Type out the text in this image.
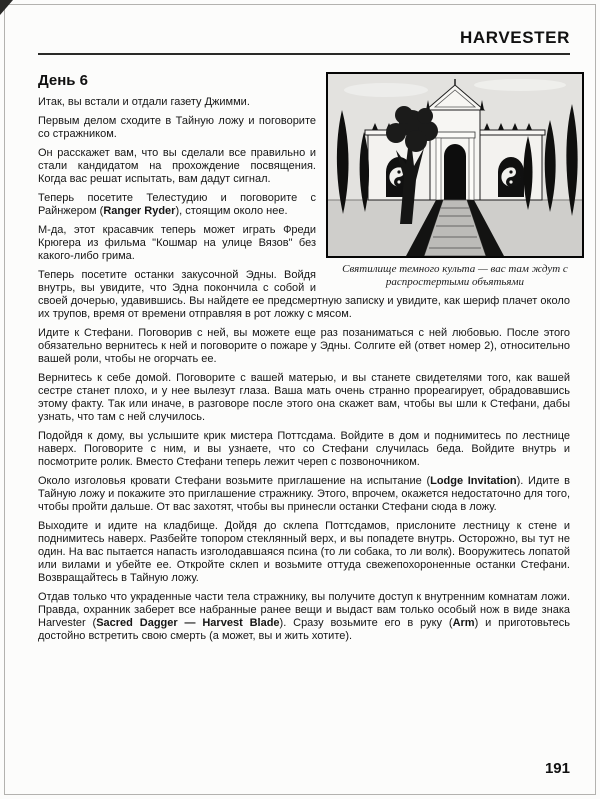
HARVESTER
Святилище темного культа — вас там ждут с распростертыми объятьями
День 6

Итак, вы встали и отдали газету Джимми.

Первым делом сходите в Тайную ложу и поговорите со стражником.

Он расскажет вам, что вы сделали все правильно и стали кандидатом на прохождение посвящения. Когда вас решат испытать, вам дадут сигнал.

Теперь посетите Телестудию и поговорите с Райнжером (Ranger Ryder), стоящим около нее.

М-да, этот красавчик теперь может играть Фреди Крюгера из фильма "Кошмар на улице Вязов" без какого-либо грима.

Теперь посетите останки закусочной Эдны. Войдя внутрь, вы увидите, что Эдна покончила с собой и своей дочерью, удавившись. Вы найдете ее предсмертную записку и увидите, как шериф плачет около их трупов, время от времени отправляя в рот ложку с мясом.

Идите к Стефани. Поговорив с ней, вы можете еще раз позаниматься с ней любовью. После этого обязательно вернитесь к ней и поговорите о пожаре у Эдны. Солгите ей (ответ номер 2), относительно вашей роли, чтобы не огорчать ее.

Вернитесь к себе домой. Поговорите с вашей матерью, и вы станете свидетелями того, как вашей сестре станет плохо, и у нее вылезут глаза. Ваша мать очень странно прореагирует, обрадовавшись этому факту. Так или иначе, в разговоре после этого она скажет вам, чтобы вы шли к Стефани, дабы узнать, что там с ней случилось.

Подойдя к дому, вы услышите крик мистера Поттсдама. Войдите в дом и поднимитесь по лестнице наверх. Поговорите с ним, и вы узнаете, что со Стефани случилась беда. Войдите внутрь и посмотрите ролик. Вместо Стефани теперь лежит череп с позвоночником.

Около изголовья кровати Стефани возьмите приглашение на испытание (Lodge Invitation). Идите в Тайную ложу и покажите это приглашение стражнику. Этого, впрочем, окажется недостаточно для того, чтобы пройти дальше. От вас захотят, чтобы вы принесли останки Стефани сюда в ложу.

Выходите и идите на кладбище. Дойдя до склепа Поттсдамов, прислоните лестницу к стене и поднимитесь наверх. Разбейте топором стеклянный верх, и вы попадете внутрь. Осторожно, вы тут не один. На вас пытается напасть изголодавшаяся псина (то ли собака, то ли волк). Вооружитесь лопатой или вилами и убейте ее. Откройте склеп и возьмите оттуда свежепохороненные останки Стефани. Возвращайтесь в Тайную ложу.

Отдав только что украденные части тела стражнику, вы получите доступ к внутренним комнатам ложи. Правда, охранник заберет все набранные ранее вещи и выдаст вам только особый нож в виде знака Harvester (Sacred Dagger — Harvest Blade). Сразу возьмите его в руку (Arm) и приготовьтесь достойно встретить свою смерть (а может, вы и жить хотите).

191
